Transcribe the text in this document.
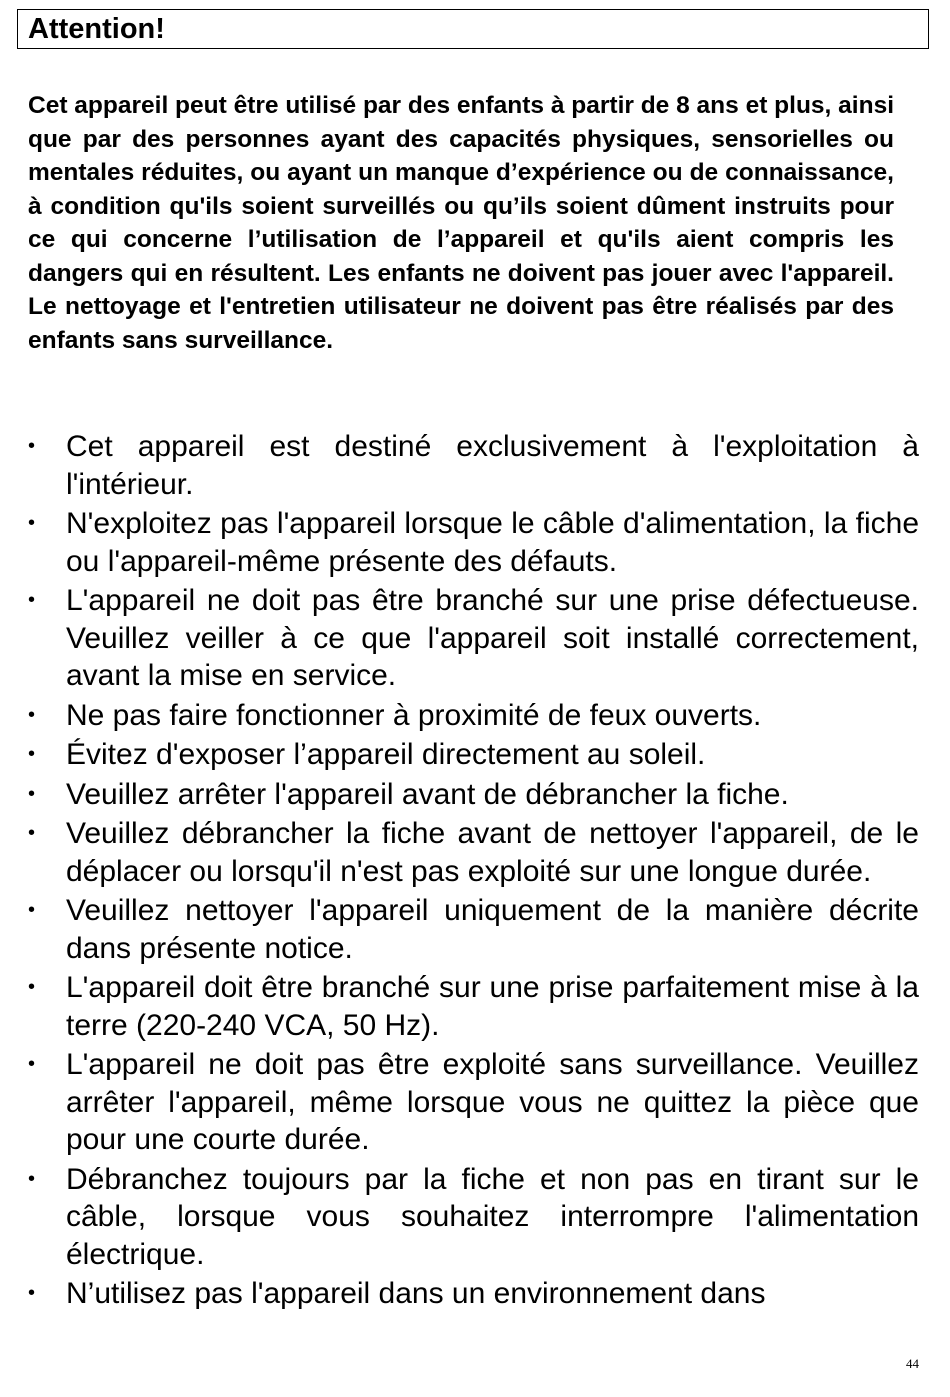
Attention!

Cet appareil peut être utilisé par des enfants à partir de 8 ans et plus, ainsi que par des personnes ayant des capacités physiques, sensorielles ou mentales réduites, ou ayant un manque d’expérience ou de connaissance, à condition qu'ils soient surveillés ou qu’ils soient dûment instruits pour ce qui concerne l’utilisation de l’appareil et qu'ils aient compris les dangers qui en résultent. Les enfants ne doivent pas jouer avec l'appareil. Le nettoyage et l'entretien utilisateur ne doivent pas être réalisés par des enfants sans surveillance.

• Cet appareil est destiné exclusivement à l'exploitation à l'intérieur.
• N'exploitez pas l'appareil lorsque le câble d'alimentation, la fiche ou l'appareil-même présente des défauts.
• L'appareil ne doit pas être branché sur une prise défectueuse. Veuillez veiller à ce que l'appareil soit installé correctement, avant la mise en service.
• Ne pas faire fonctionner à proximité de feux ouverts.
• Évitez d'exposer l’appareil directement au soleil.
• Veuillez arrêter l'appareil avant de débrancher la fiche.
• Veuillez débrancher la fiche avant de nettoyer l'appareil, de le déplacer ou lorsqu'il n'est pas exploité sur une longue durée.
• Veuillez nettoyer l'appareil uniquement de la manière décrite dans présente notice.
• L'appareil doit être branché sur une prise parfaitement mise à la terre (220-240 VCA, 50 Hz).
• L'appareil ne doit pas être exploité sans surveillance. Veuillez arrêter l'appareil, même lorsque vous ne quittez la pièce que pour une courte durée.
• Débranchez toujours par la fiche et non pas en tirant sur le câble, lorsque vous souhaitez interrompre l'alimentation électrique.
• N’utilisez pas l'appareil dans un environnement dans
44
